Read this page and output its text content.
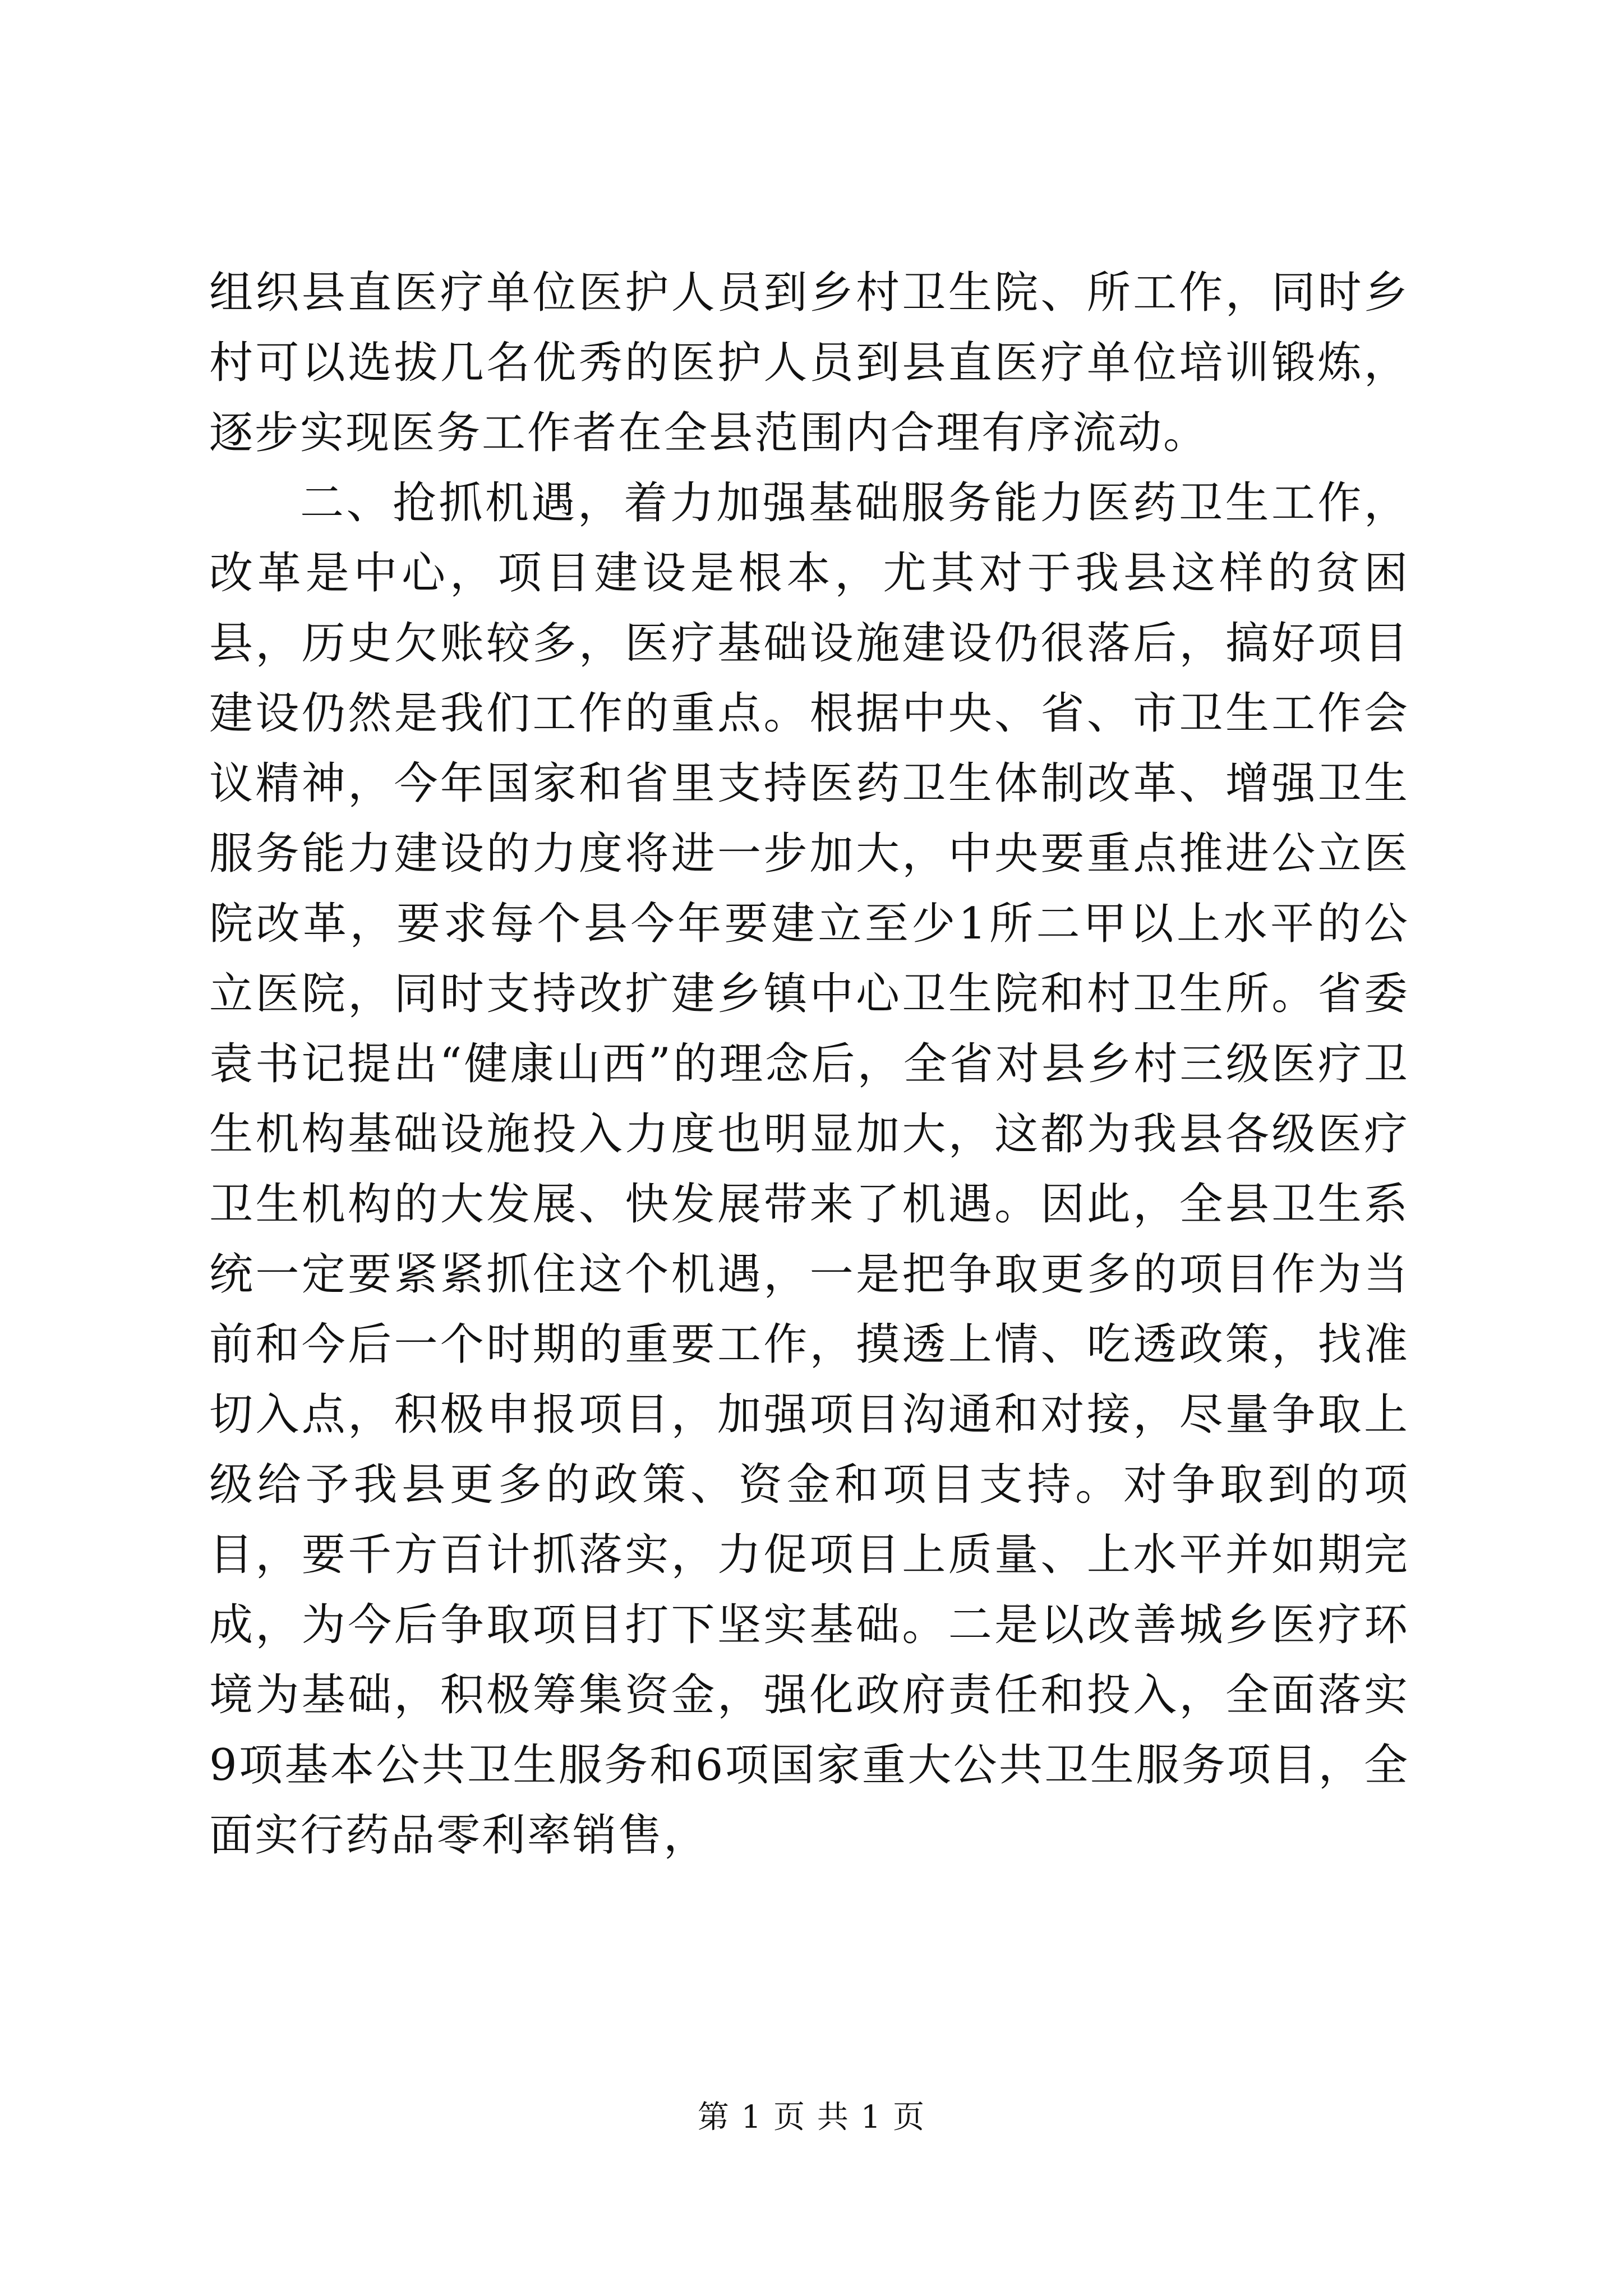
组织县直医疗单位医护人员到乡村卫生院、所工作，同时乡村可以选拔几名优秀的医护人员到县直医疗单位培训锻炼，逐步实现医务工作者在全县范围内合理有序流动。

二、抢抓机遇，着力加强基础服务能力医药卫生工作，改革是中心，项目建设是根本，尤其对于我县这样的贫困县，历史欠账较多，医疗基础设施建设仍很落后，搞好项目建设仍然是我们工作的重点。根据中央、省、市卫生工作会议精神，今年国家和省里支持医药卫生体制改革、增强卫生服务能力建设的力度将进一步加大，中央要重点推进公立医院改革，要求每个县今年要建立至少1所二甲以上水平的公立医院，同时支持改扩建乡镇中心卫生院和村卫生所。省委袁书记提出“健康山西”的理念后，全省对县乡村三级医疗卫生机构基础设施投入力度也明显加大，这都为我县各级医疗卫生机构的大发展、快发展带来了机遇。因此，全县卫生系统一定要紧紧抓住这个机遇，一是把争取更多的项目作为当前和今后一个时期的重要工作，摸透上情、吃透政策，找准切入点，积极申报项目，加强项目沟通和对接，尽量争取上级给予我县更多的政策、资金和项目支持。对争取到的项目，要千方百计抓落实，力促项目上质量、上水平并如期完成，为今后争取项目打下坚实基础。二是以改善城乡医疗环境为基础，积极筹集资金，强化政府责任和投入，全面落实9项基本公共卫生服务和6项国家重大公共卫生服务项目，全面实行药品零利率销售，

第 1 页 共 1 页
